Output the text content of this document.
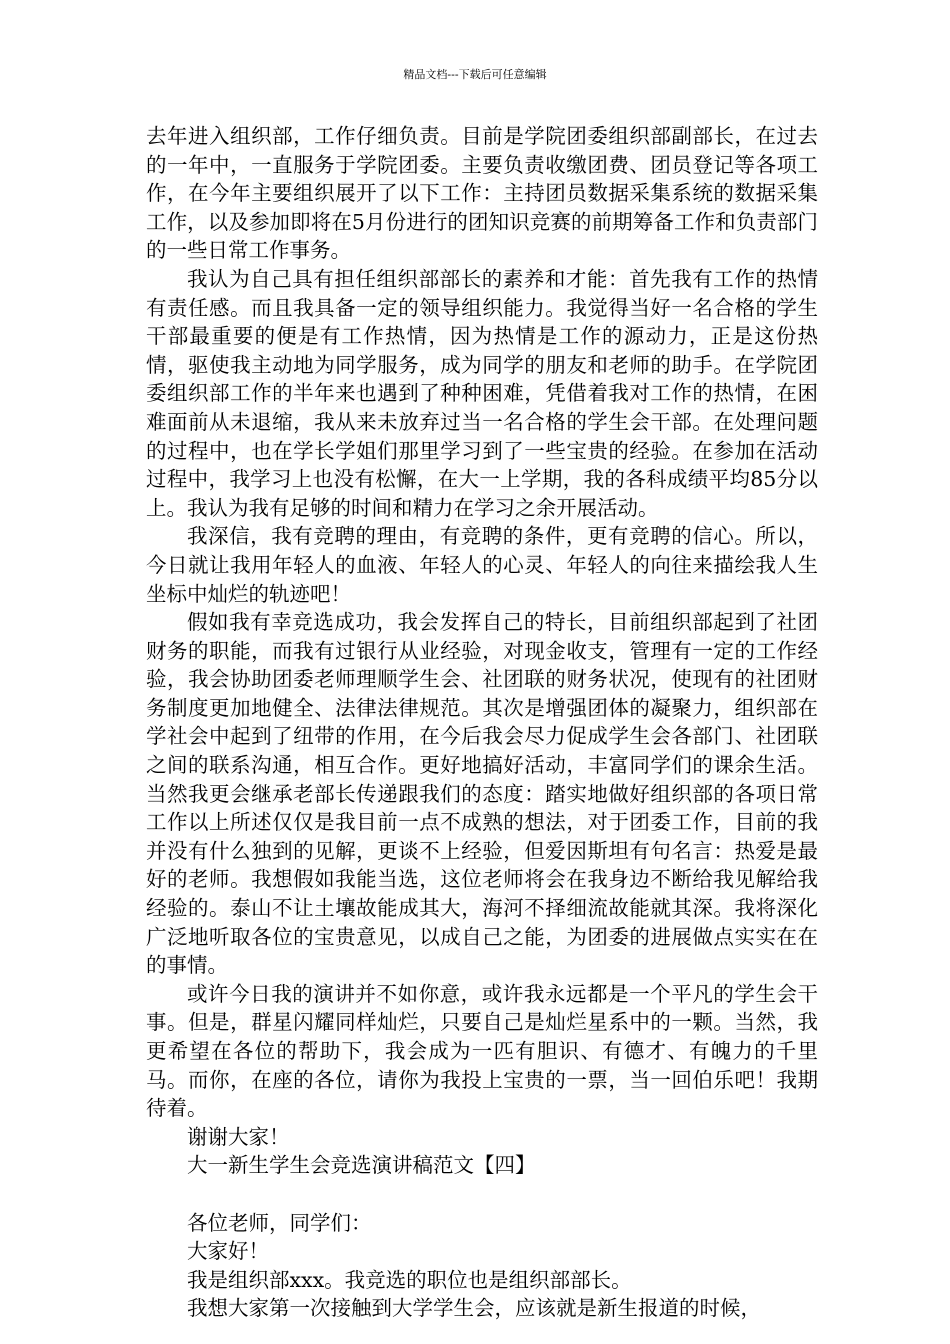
精品文档---下载后可任意编辑

去年进入组织部，工作仔细负责。目前是学院团委组织部副部长，在过去的一年中，一直服务于学院团委。主要负责收缴团费、团员登记等各项工作，在今年主要组织展开了以下工作：主持团员数据采集系统的数据采集工作，以及参加即将在5月份进行的团知识竞赛的前期筹备工作和负责部门的一些日常工作事务。

我认为自己具有担任组织部部长的素养和才能：首先我有工作的热情有责任感。而且我具备一定的领导组织能力。我觉得当好一名合格的学生干部最重要的便是有工作热情，因为热情是工作的源动力，正是这份热情，驱使我主动地为同学服务，成为同学的朋友和老师的助手。在学院团委组织部工作的半年来也遇到了种种困难，凭借着我对工作的热情，在困难面前从未退缩，我从来未放弃过当一名合格的学生会干部。在处理问题的过程中，也在学长学姐们那里学习到了一些宝贵的经验。在参加在活动过程中，我学习上也没有松懈，在大一上学期，我的各科成绩平均85分以上。我认为我有足够的时间和精力在学习之余开展活动。

我深信，我有竞聘的理由，有竞聘的条件，更有竞聘的信心。所以，今日就让我用年轻人的血液、年轻人的心灵、年轻人的向往来描绘我人生坐标中灿烂的轨迹吧！

假如我有幸竞选成功，我会发挥自己的特长，目前组织部起到了社团财务的职能，而我有过银行从业经验，对现金收支，管理有一定的工作经验，我会协助团委老师理顺学生会、社团联的财务状况，使现有的社团财务制度更加地健全、法律法律规范。其次是增强团体的凝聚力，组织部在学社会中起到了纽带的作用，在今后我会尽力促成学生会各部门、社团联之间的联系沟通，相互合作。更好地搞好活动，丰富同学们的课余生活。当然我更会继承老部长传递跟我们的态度：踏实地做好组织部的各项日常工作以上所述仅仅是我目前一点不成熟的想法，对于团委工作，目前的我并没有什么独到的见解，更谈不上经验，但爱因斯坦有句名言：热爱是最好的老师。我想假如我能当选，这位老师将会在我身边不断给我见解给我经验的。泰山不让土壤故能成其大，海河不择细流故能就其深。我将深化广泛地听取各位的宝贵意见，以成自己之能，为团委的进展做点实实在在的事情。

或许今日我的演讲并不如你意，或许我永远都是一个平凡的学生会干事。但是，群星闪耀同样灿烂，只要自己是灿烂星系中的一颗。当然，我更希望在各位的帮助下，我会成为一匹有胆识、有德才、有魄力的千里马。而你，在座的各位，请你为我投上宝贵的一票，当一回伯乐吧！我期待着。

谢谢大家！

大一新生学生会竞选演讲稿范文【四】

各位老师，同学们：

大家好！

我是组织部xxx。我竞选的职位也是组织部部长。

我想大家第一次接触到大学学生会，应该就是新生报道的时候，
